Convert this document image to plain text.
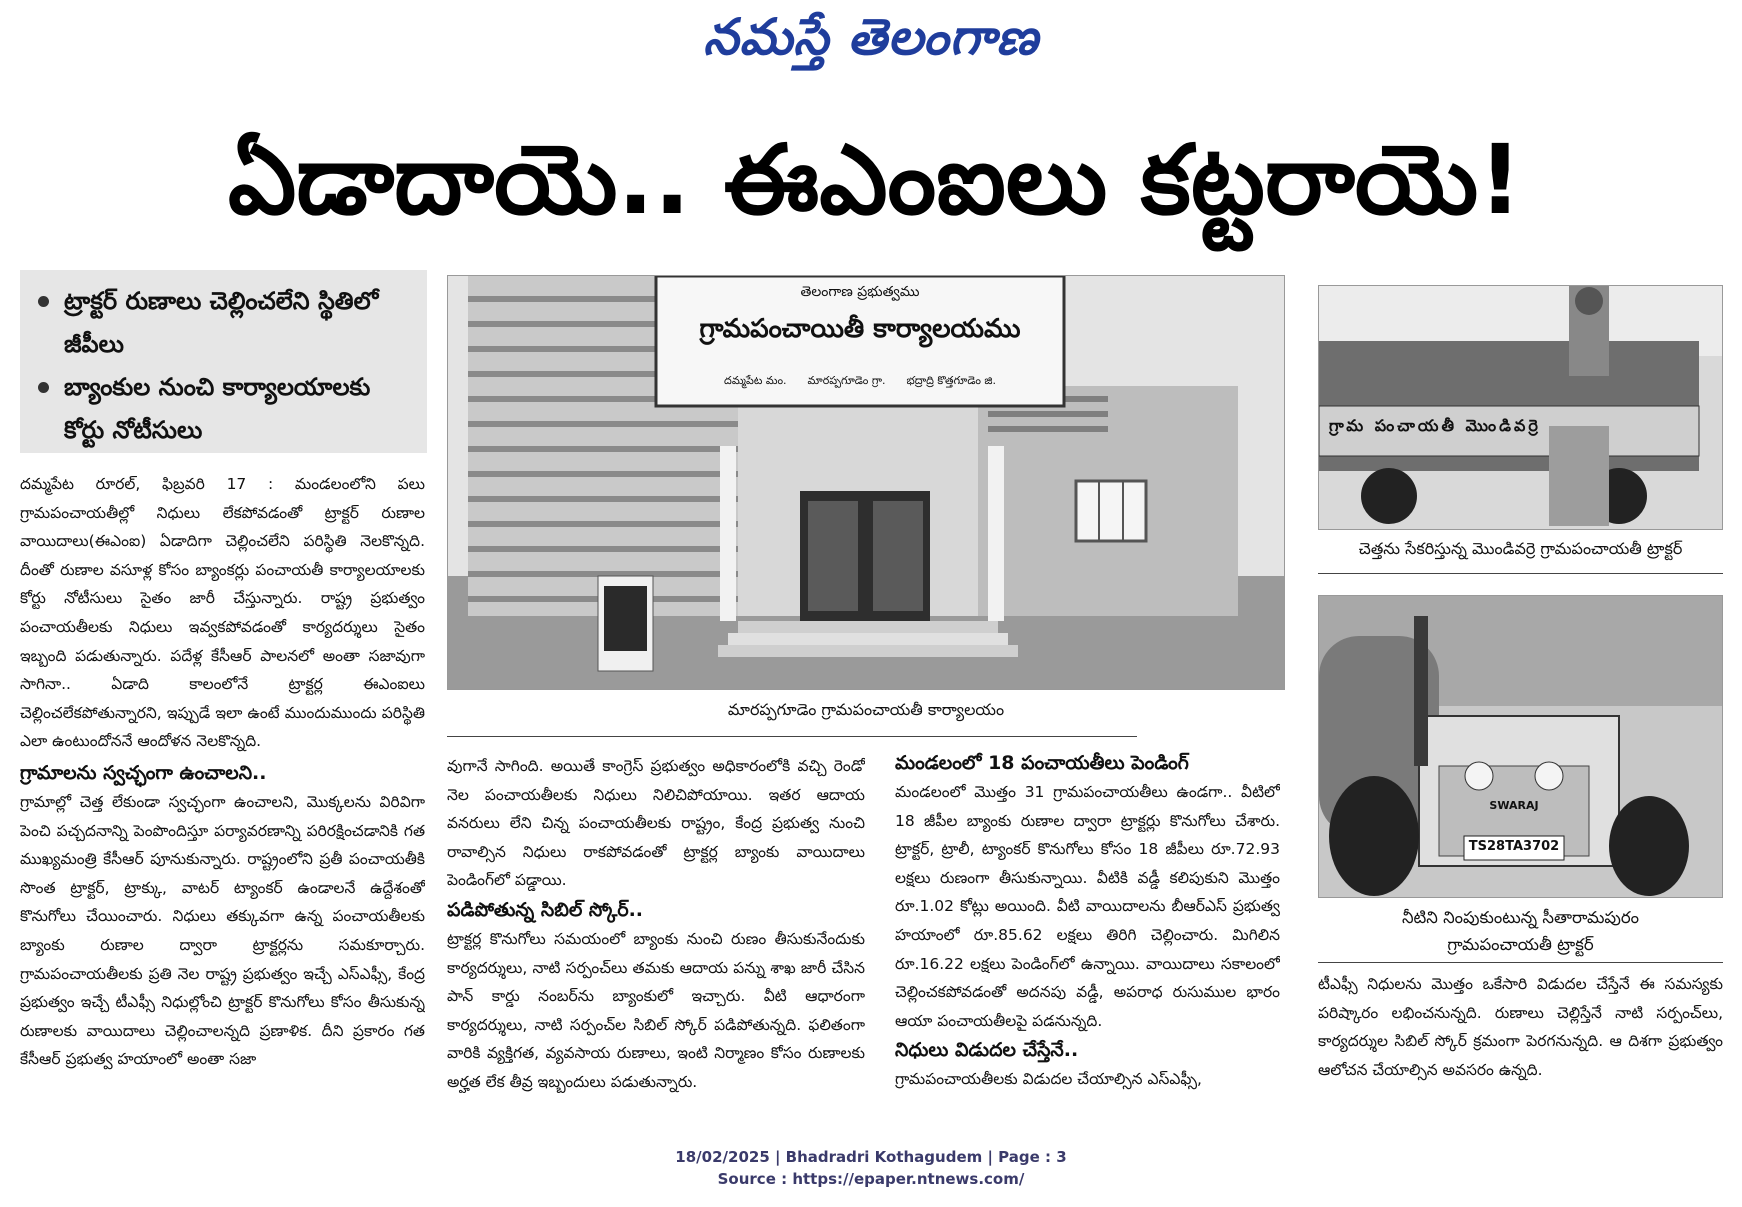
నమస్తే తెలంగాణ
ఏడాదాయె.. ఈఎంఐలు కట్టరాయె!
ట్రాక్టర్ రుణాలు చెల్లించలేని స్థితిలో జీపీలు
బ్యాంకుల నుంచి కార్యాలయాలకు కోర్టు నోటీసులు

దమ్మపేట రూరల్, ఫిబ్రవరి 17 : మండలంలోని పలు గ్రామపంచాయతీల్లో నిధులు లేకపోవడంతో ట్రాక్టర్ రుణాల వాయిదాలు(ఈఎంఐ) ఏడాదిగా చెల్లించలేని పరిస్థితి నెలకొన్నది. దీంతో రుణాల వసూళ్ల కోసం బ్యాంకర్లు పంచాయతీ కార్యాలయాలకు కోర్టు నోటీసులు సైతం జారీ చేస్తున్నారు. రాష్ట్ర ప్రభుత్వం పంచాయతీలకు నిధులు ఇవ్వకపోవడంతో కార్యదర్శులు సైతం ఇబ్బంది పడుతున్నారు. పదేళ్ల కేసీఆర్ పాలనలో అంతా సజావుగా సాగినా.. ఏడాది కాలంలోనే ట్రాక్టర్ల ఈఎంఐలు చెల్లించలేకపోతున్నారని, ఇప్పుడే ఇలా ఉంటే ముందుముందు పరిస్థితి ఎలా ఉంటుందోననే ఆందోళన నెలకొన్నది.

గ్రామాలను స్వచ్ఛంగా ఉంచాలని..

గ్రామాల్లో చెత్త లేకుండా స్వచ్ఛంగా ఉంచాలని, మొక్కలను విరివిగా పెంచి పచ్చదనాన్ని పెంపొందిస్తూ పర్యావరణాన్ని పరిరక్షించడానికి గత ముఖ్యమంత్రి కేసీఆర్ పూనుకున్నారు. రాష్ట్రంలోని ప్రతీ పంచాయతీకి సొంత ట్రాక్టర్, ట్రాక్కు, వాటర్ ట్యాంకర్ ఉండాలనే ఉద్దేశంతో కొనుగోలు చేయించారు. నిధులు తక్కువగా ఉన్న పంచాయతీలకు బ్యాంకు రుణాల ద్వారా ట్రాక్టర్లను సమకూర్చారు. గ్రామపంచాయతీలకు ప్రతి నెల రాష్ట్ర ప్రభుత్వం ఇచ్చే ఎస్ఎఫ్సీ, కేంద్ర ప్రభుత్వం ఇచ్చే టీఎఫ్సీ నిధుల్లోంచి ట్రాక్టర్ కొనుగోలు కోసం తీసుకున్న రుణాలకు వాయిదాలు చెల్లించాలన్నది ప్రణాళిక. దీని ప్రకారం గత కేసీఆర్ ప్రభుత్వ హయాంలో అంతా సజా

తెలంగాణ ప్రభుత్వము
గ్రామపంచాయితీ కార్యాలయము
దమ్మపేట మం.      మారప్పగూడెం గ్రా.      భద్రాద్రి కొత్తగూడెం జి.
మారప్పగూడెం గ్రామపంచాయతీ కార్యాలయం

వుగానే సాగింది. అయితే కాంగ్రెస్ ప్రభుత్వం అధికారంలోకి వచ్చి రెండో నెల పంచాయతీలకు నిధులు నిలిచిపోయాయి. ఇతర ఆదాయ వనరులు లేని చిన్న పంచాయతీలకు రాష్ట్రం, కేంద్ర ప్రభుత్వ నుంచి రావాల్సిన నిధులు రాకపోవడంతో ట్రాక్టర్ల బ్యాంకు వాయిదాలు పెండింగ్‌లో పడ్డాయి.

పడిపోతున్న సిబిల్ స్కోర్..

ట్రాక్టర్ల కొనుగోలు సమయంలో బ్యాంకు నుంచి రుణం తీసుకునేందుకు కార్యదర్శులు, నాటి సర్పంచ్‌లు తమకు ఆదాయ పన్ను శాఖ జారీ చేసిన పాన్ కార్డు నంబర్‌ను బ్యాంకులో ఇచ్చారు. వీటి ఆధారంగా కార్యదర్శులు, నాటి సర్పంచ్‌ల సిబిల్ స్కోర్ పడిపోతున్నది. ఫలితంగా వారికి వ్యక్తిగత, వ్యవసాయ రుణాలు, ఇంటి నిర్మాణం కోసం రుణాలకు అర్హత లేక తీవ్ర ఇబ్బందులు పడుతున్నారు.

మండలంలో 18 పంచాయతీలు పెండింగ్

మండలంలో మొత్తం 31 గ్రామపంచాయతీలు ఉండగా.. వీటిలో 18 జీపీల బ్యాంకు రుణాల ద్వారా ట్రాక్టర్లు కొనుగోలు చేశారు. ట్రాక్టర్, ట్రాలీ, ట్యాంకర్ కొనుగోలు కోసం 18 జీపీలు రూ.72.93 లక్షలు రుణంగా తీసుకున్నాయి. వీటికి వడ్డీ కలిపుకుని మొత్తం రూ.1.02 కోట్లు అయింది. వీటి వాయిదాలను బీఆర్ఎస్ ప్రభుత్వ హయాంలో రూ.85.62 లక్షలు తిరిగి చెల్లించారు. మిగిలిన రూ.16.22 లక్షలు పెండింగ్‌లో ఉన్నాయి. వాయిదాలు సకాలంలో చెల్లించకపోవడంతో అదనపు వడ్డీ, అపరాధ రుసుముల భారం ఆయా పంచాయతీలపై పడనున్నది.

నిధులు విడుదల చేస్తేనే..

గ్రామపంచాయతీలకు విడుదల చేయాల్సిన ఎస్ఎఫ్సీ,

గ్రామ పంచాయతీ మొండివర్రె
చెత్తను సేకరిస్తున్న మొండివర్రె గ్రామపంచాయతీ ట్రాక్టర్
SWARAJ
TS28TA3702
నీటిని నింపుకుంటున్న సీతారామపురం
గ్రామపంచాయతీ ట్రాక్టర్

టీఎఫ్సీ నిధులను మొత్తం ఒకేసారి విడుదల చేస్తేనే ఈ సమస్యకు పరిష్కారం లభించనున్నది. రుణాలు చెల్లిస్తేనే నాటి సర్పంచ్‌లు, కార్యదర్శుల సిబిల్ స్కోర్ క్రమంగా పెరగనున్నది. ఆ దిశగా ప్రభుత్వం ఆలోచన చేయాల్సిన అవసరం ఉన్నది.

18/02/2025 | Bhadradri Kothagudem | Page : 3
Source : https://epaper.ntnews.com/
